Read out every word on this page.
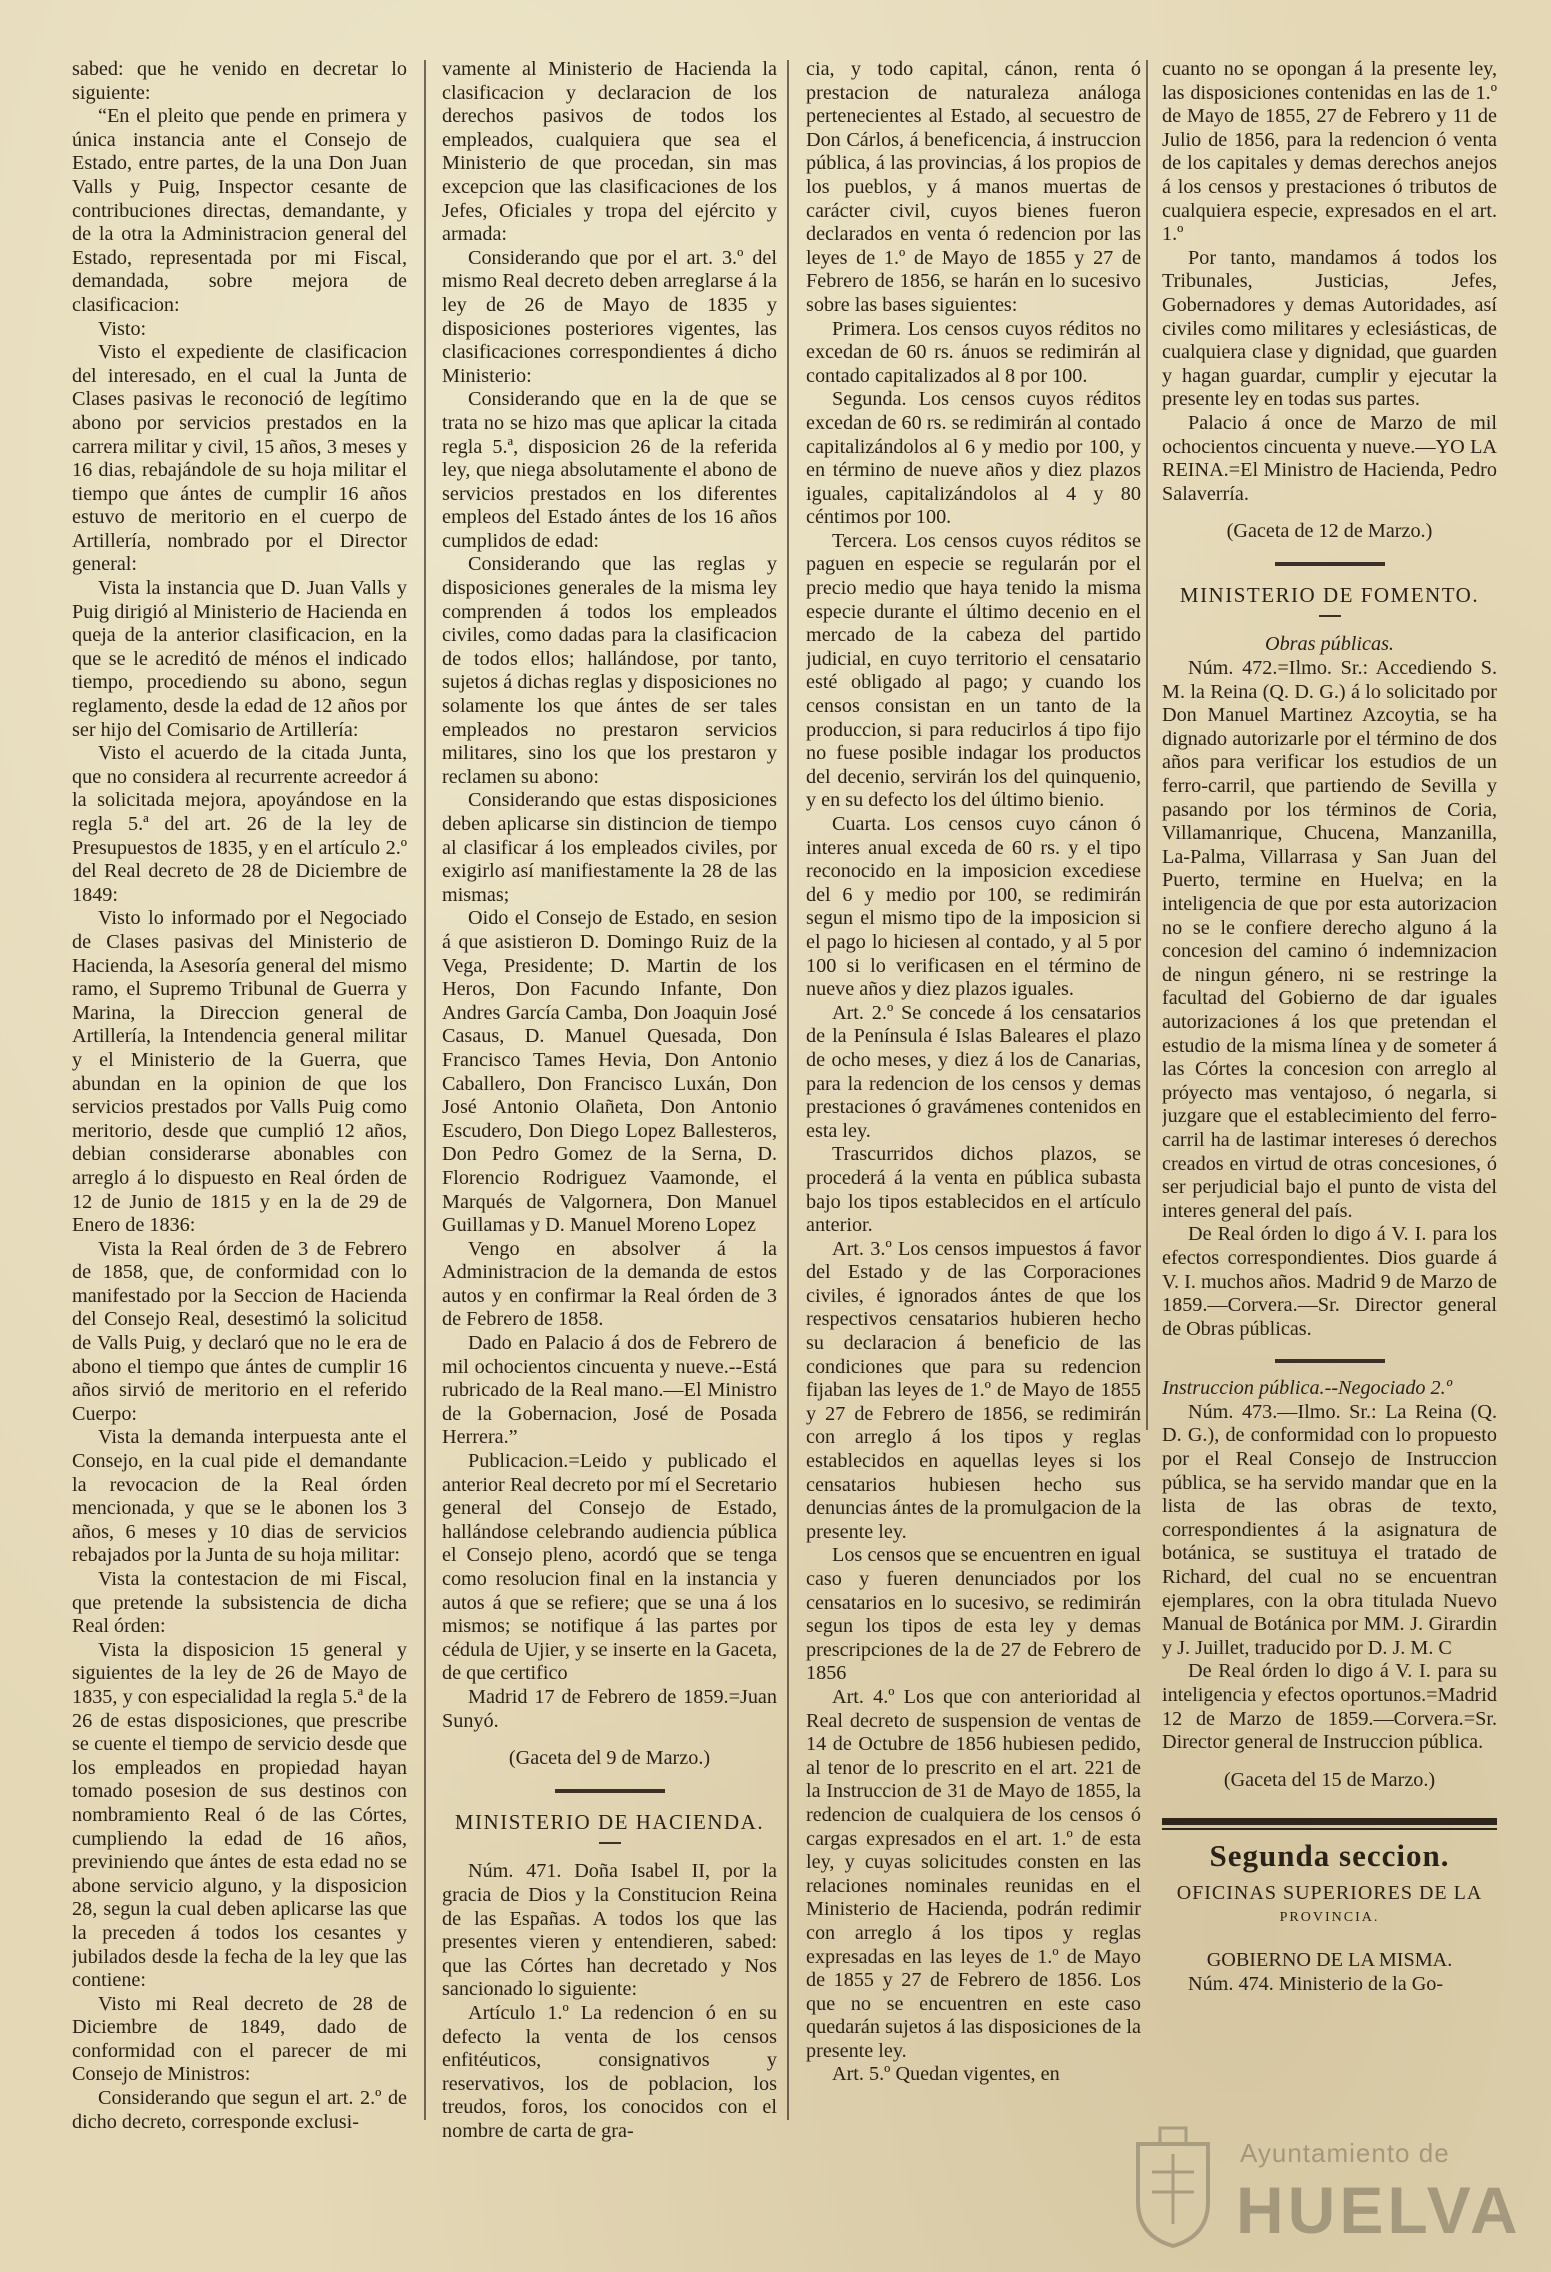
sabed: que he venido en decretar lo siguiente:

“En el pleito que pende en primera y única instancia ante el Consejo de Estado, entre partes, de la una Don Juan Valls y Puig, Inspector cesante de contribuciones directas, demandante, y de la otra la Administracion general del Estado, representada por mi Fiscal, demandada, sobre mejora de clasificacion:

Visto:

Visto el expediente de clasificacion del interesado, en el cual la Junta de Clases pasivas le reconoció de legítimo abono por servicios prestados en la carrera militar y civil, 15 años, 3 meses y 16 dias, rebajándole de su hoja militar el tiempo que ántes de cumplir 16 años estuvo de meritorio en el cuerpo de Artillería, nombrado por el Director general:

Vista la instancia que D. Juan Valls y Puig dirigió al Ministerio de Hacienda en queja de la anterior clasificacion, en la que se le acreditó de ménos el indicado tiempo, procediendo su abono, segun reglamento, desde la edad de 12 años por ser hijo del Comisario de Artillería:

Visto el acuerdo de la citada Junta, que no considera al recurrente acreedor á la solicitada mejora, apoyándose en la regla 5.ª del art. 26 de la ley de Presupuestos de 1835, y en el artículo 2.º del Real decreto de 28 de Diciembre de 1849:

Visto lo informado por el Negociado de Clases pasivas del Ministerio de Hacienda, la Asesoría general del mismo ramo, el Supremo Tribunal de Guerra y Marina, la Direccion general de Artillería, la Intendencia general militar y el Ministerio de la Guerra, que abundan en la opinion de que los servicios prestados por Valls Puig como meritorio, desde que cumplió 12 años, debian considerarse abonables con arreglo á lo dispuesto en Real órden de 12 de Junio de 1815 y en la de 29 de Enero de 1836:

Vista la Real órden de 3 de Febrero de 1858, que, de conformidad con lo manifestado por la Seccion de Hacienda del Consejo Real, desestimó la solicitud de Valls Puig, y declaró que no le era de abono el tiempo que ántes de cumplir 16 años sirvió de meritorio en el referido Cuerpo:

Vista la demanda interpuesta ante el Consejo, en la cual pide el demandante la revocacion de la Real órden mencionada, y que se le abonen los 3 años, 6 meses y 10 dias de servicios rebajados por la Junta de su hoja militar:

Vista la contestacion de mi Fiscal, que pretende la subsistencia de dicha Real órden:

Vista la disposicion 15 general y siguientes de la ley de 26 de Mayo de 1835, y con especialidad la regla 5.ª de la 26 de estas disposiciones, que prescribe se cuente el tiempo de servicio desde que los empleados en propiedad hayan tomado posesion de sus destinos con nombramiento Real ó de las Córtes, cumpliendo la edad de 16 años, previniendo que ántes de esta edad no se abone servicio alguno, y la disposicion 28, segun la cual deben aplicarse las que la preceden á todos los cesantes y jubilados desde la fecha de la ley que las contiene:

Visto mi Real decreto de 28 de Diciembre de 1849, dado de conformidad con el parecer de mi Consejo de Ministros:

Considerando que segun el art. 2.º de dicho decreto, corresponde exclusi-

vamente al Ministerio de Hacienda la clasificacion y declaracion de los derechos pasivos de todos los empleados, cualquiera que sea el Ministerio de que procedan, sin mas excepcion que las clasificaciones de los Jefes, Oficiales y tropa del ejército y armada:

Considerando que por el art. 3.º del mismo Real decreto deben arreglarse á la ley de 26 de Mayo de 1835 y disposiciones posteriores vigentes, las clasificaciones correspondientes á dicho Ministerio:

Considerando que en la de que se trata no se hizo mas que aplicar la citada regla 5.ª, disposicion 26 de la referida ley, que niega absolutamente el abono de servicios prestados en los diferentes empleos del Estado ántes de los 16 años cumplidos de edad:

Considerando que las reglas y disposiciones generales de la misma ley comprenden á todos los empleados civiles, como dadas para la clasificacion de todos ellos; hallándose, por tanto, sujetos á dichas reglas y disposiciones no solamente los que ántes de ser tales empleados no prestaron servicios militares, sino los que los prestaron y reclamen su abono:

Considerando que estas disposiciones deben aplicarse sin distincion de tiempo al clasificar á los empleados civiles, por exigirlo así manifiestamente la 28 de las mismas;

Oido el Consejo de Estado, en sesion á que asistieron D. Domingo Ruiz de la Vega, Presidente; D. Martin de los Heros, Don Facundo Infante, Don Andres García Camba, Don Joaquin José Casaus, D. Manuel Quesada, Don Francisco Tames Hevia, Don Antonio Caballero, Don Francisco Luxán, Don José Antonio Olañeta, Don Antonio Escudero, Don Diego Lopez Ballesteros, Don Pedro Gomez de la Serna, D. Florencio Rodriguez Vaamonde, el Marqués de Valgornera, Don Manuel Guillamas y D. Manuel Moreno Lopez

Vengo en absolver á la Administracion de la demanda de estos autos y en confirmar la Real órden de 3 de Febrero de 1858.

Dado en Palacio á dos de Febrero de mil ochocientos cincuenta y nueve.--Está rubricado de la Real mano.—El Ministro de la Gobernacion, José de Posada Herrera.”

Publicacion.=Leido y publicado el anterior Real decreto por mí el Secretario general del Consejo de Estado, hallándose celebrando audiencia pública el Consejo pleno, acordó que se tenga como resolucion final en la instancia y autos á que se refiere; que se una á los mismos; se notifique á las partes por cédula de Ujier, y se inserte en la Gaceta, de que certifico

Madrid 17 de Febrero de 1859.=Juan Sunyó.

(Gaceta del 9 de Marzo.)

MINISTERIO DE HACIENDA.

Núm. 471. Doña Isabel II, por la gracia de Dios y la Constitucion Reina de las Españas. A todos los que las presentes vieren y entendieren, sabed: que las Córtes han decretado y Nos sancionado lo siguiente:

Artículo 1.º La redencion ó en su defecto la venta de los censos enfitéuticos, consignativos y reservativos, los de poblacion, los treudos, foros, los conocidos con el nombre de carta de gra-

cia, y todo capital, cánon, renta ó prestacion de naturaleza análoga pertenecientes al Estado, al secuestro de Don Cárlos, á beneficencia, á instruccion pública, á las provincias, á los propios de los pueblos, y á manos muertas de carácter civil, cuyos bienes fueron declarados en venta ó redencion por las leyes de 1.º de Mayo de 1855 y 27 de Febrero de 1856, se harán en lo sucesivo sobre las bases siguientes:

Primera. Los censos cuyos réditos no excedan de 60 rs. ánuos se redimirán al contado capitalizados al 8 por 100.

Segunda. Los censos cuyos réditos excedan de 60 rs. se redimirán al contado capitalizándolos al 6 y medio por 100, y en término de nueve años y diez plazos iguales, capitalizándolos al 4 y 80 céntimos por 100.

Tercera. Los censos cuyos réditos se paguen en especie se regularán por el precio medio que haya tenido la misma especie durante el último decenio en el mercado de la cabeza del partido judicial, en cuyo territorio el censatario esté obligado al pago; y cuando los censos consistan en un tanto de la produccion, si para reducirlos á tipo fijo no fuese posible indagar los productos del decenio, servirán los del quinquenio, y en su defecto los del último bienio.

Cuarta. Los censos cuyo cánon ó interes anual exceda de 60 rs. y el tipo reconocido en la imposicion excediese del 6 y medio por 100, se redimirán segun el mismo tipo de la imposicion si el pago lo hiciesen al contado, y al 5 por 100 si lo verificasen en el término de nueve años y diez plazos iguales.

Art. 2.º Se concede á los censatarios de la Península é Islas Baleares el plazo de ocho meses, y diez á los de Canarias, para la redencion de los censos y demas prestaciones ó gravámenes contenidos en esta ley.

Trascurridos dichos plazos, se procederá á la venta en pública subasta bajo los tipos establecidos en el artículo anterior.

Art. 3.º Los censos impuestos á favor del Estado y de las Corporaciones civiles, é ignorados ántes de que los respectivos censatarios hubieren hecho su declaracion á beneficio de las condiciones que para su redencion fijaban las leyes de 1.º de Mayo de 1855 y 27 de Febrero de 1856, se redimirán con arreglo á los tipos y reglas establecidos en aquellas leyes si los censatarios hubiesen hecho sus denuncias ántes de la promulgacion de la presente ley.

Los censos que se encuentren en igual caso y fueren denunciados por los censatarios en lo sucesivo, se redimirán segun los tipos de esta ley y demas prescripciones de la de 27 de Febrero de 1856

Art. 4.º Los que con anterioridad al Real decreto de suspension de ventas de 14 de Octubre de 1856 hubiesen pedido, al tenor de lo prescrito en el art. 221 de la Instruccion de 31 de Mayo de 1855, la redencion de cualquiera de los censos ó cargas expresados en el art. 1.º de esta ley, y cuyas solicitudes consten en las relaciones nominales reunidas en el Ministerio de Hacienda, podrán redimir con arreglo á los tipos y reglas expresadas en las leyes de 1.º de Mayo de 1855 y 27 de Febrero de 1856. Los que no se encuentren en este caso quedarán sujetos á las disposiciones de la presente ley.

Art. 5.º Quedan vigentes, en

cuanto no se opongan á la presente ley, las disposiciones contenidas en las de 1.º de Mayo de 1855, 27 de Febrero y 11 de Julio de 1856, para la redencion ó venta de los capitales y demas derechos anejos á los censos y prestaciones ó tributos de cualquiera especie, expresados en el art. 1.º

Por tanto, mandamos á todos los Tribunales, Justicias, Jefes, Gobernadores y demas Autoridades, así civiles como militares y eclesiásticas, de cualquiera clase y dignidad, que guarden y hagan guardar, cumplir y ejecutar la presente ley en todas sus partes.

Palacio á once de Marzo de mil ochocientos cincuenta y nueve.—YO LA REINA.=El Ministro de Hacienda, Pedro Salaverría.

(Gaceta de 12 de Marzo.)

MINISTERIO DE FOMENTO.

Obras públicas.

Núm. 472.=Ilmo. Sr.: Accediendo S. M. la Reina (Q. D. G.) á lo solicitado por Don Manuel Martinez Azcoytia, se ha dignado autorizarle por el término de dos años para verificar los estudios de un ferro-carril, que partiendo de Sevilla y pasando por los términos de Coria, Villamanrique, Chucena, Manzanilla, La-Palma, Villarrasa y San Juan del Puerto, termine en Huelva; en la inteligencia de que por esta autorizacion no se le confiere derecho alguno á la concesion del camino ó indemnizacion de ningun género, ni se restringe la facultad del Gobierno de dar iguales autorizaciones á los que pretendan el estudio de la misma línea y de someter á las Córtes la concesion con arreglo al próyecto mas ventajoso, ó negarla, si juzgare que el establecimiento del ferro-carril ha de lastimar intereses ó derechos creados en virtud de otras concesiones, ó ser perjudicial bajo el punto de vista del interes general del país.

De Real órden lo digo á V. I. para los efectos correspondientes. Dios guarde á V. I. muchos años. Madrid 9 de Marzo de 1859.—Corvera.—Sr. Director general de Obras públicas.

Instruccion pública.--Negociado 2.º

Núm. 473.—Ilmo. Sr.: La Reina (Q. D. G.), de conformidad con lo propuesto por el Real Consejo de Instruccion pública, se ha servido mandar que en la lista de las obras de texto, correspondientes á la asignatura de botánica, se sustituya el tratado de Richard, del cual no se encuentran ejemplares, con la obra titulada Nuevo Manual de Botánica por MM. J. Girardin y J. Juillet, traducido por D. J. M. C

De Real órden lo digo á V. I. para su inteligencia y efectos oportunos.=Madrid 12 de Marzo de 1859.—Corvera.=Sr. Director general de Instruccion pública.

(Gaceta del 15 de Marzo.)

Segunda seccion.

OFICINAS SUPERIORES DE LA

PROVINCIA.

GOBIERNO DE LA MISMA.

Núm. 474. Ministerio de la Go-

Ayuntamiento de
HUELVA
